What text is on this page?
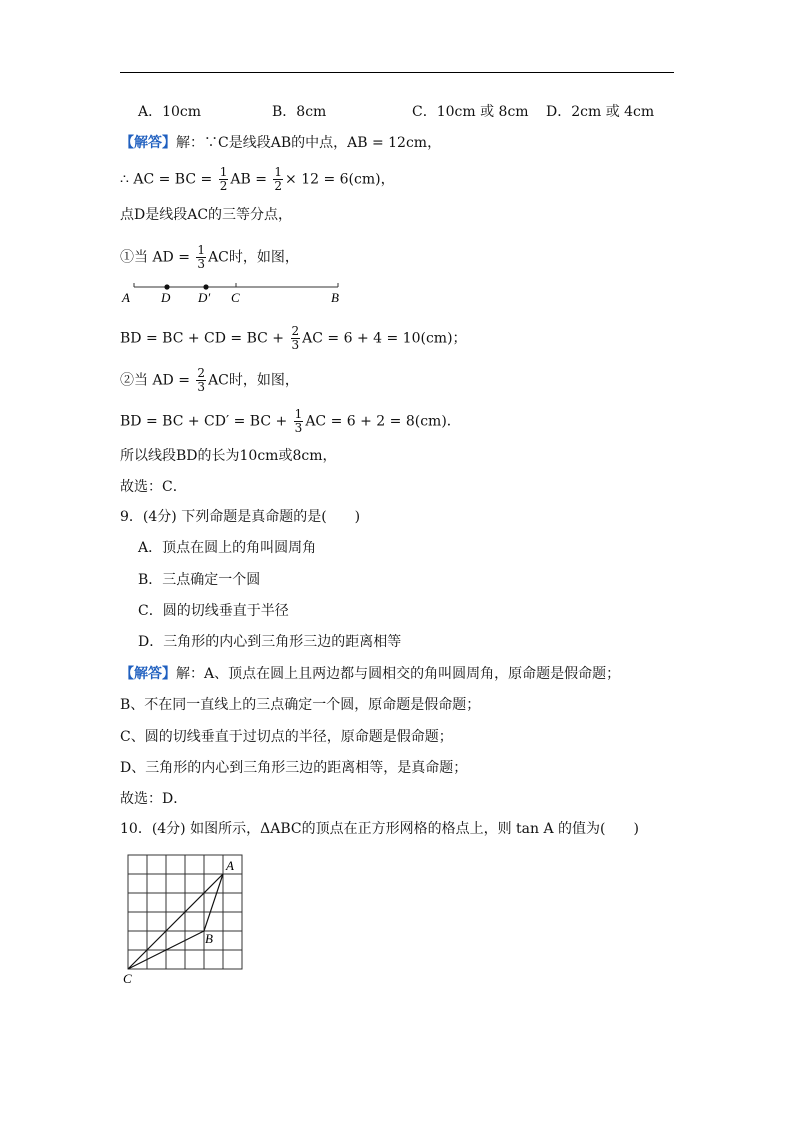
A．10cm	B．8cm	C．10cm 或 8cm D．2cm 或 4cm
【解答】解：∵C是线段AB的中点，AB = 12cm，
∴ AC = BC = $\frac{1}{2}$ AB = $\frac{1}{2} \times 12 = 6(cm)$，
点D是线段AC的三等分点，
①当 AD = $\frac{1}{3}$ AC时，如图，
A D D′ C	B
BD = BC + CD = BC + $\frac{2}{3}$ AC = 6 + 4 = 10(cm)；
②当 AD = $\frac{2}{3}$ AC时，如图，
BD = BC + CD′ = BC + $\frac{1}{3}$ AC = 6 + 2 = 8(cm)．
所以线段BD的长为10cm或8cm，
故选：C．
9．(4分) 下列命题是真命题的是(　　)
A．顶点在圆上的角叫圆周角
B．三点确定一个圆
C．圆的切线垂直于半径
D．三角形的内心到三角形三边的距离相等
【解答】解：A、顶点在圆上且两边都与圆相交的角叫圆周角，原命题是假命题；
B、不在同一直线上的三点确定一个圆，原命题是假命题；
C、圆的切线垂直于过切点的半径，原命题是假命题；
D、三角形的内心到三角形三边的距离相等，是真命题；
故选：D．
10．(4分) 如图所示，ΔABC的顶点在正方形网格的格点上，则 tan A 的值为(　　)
A
B
C
